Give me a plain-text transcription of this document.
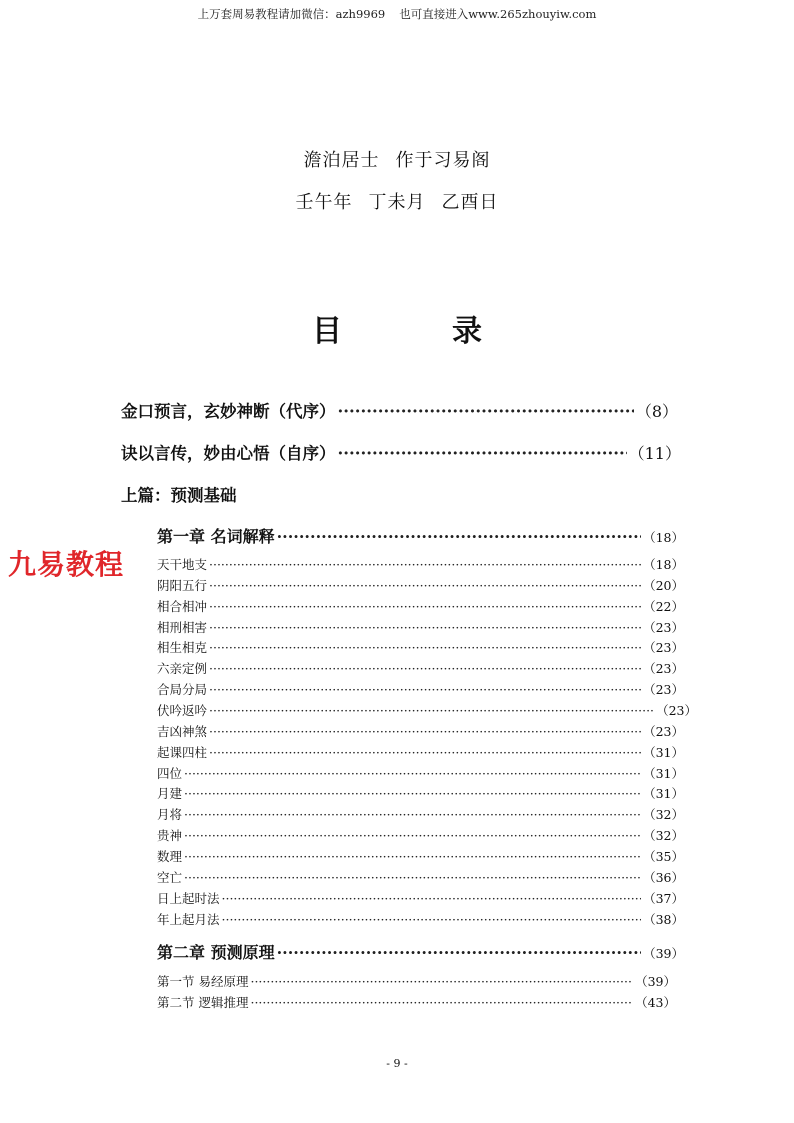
上万套周易教程请加微信：azh9969 也可直接进入www.265zhouyiw.com
澹泊居士 作于习易阁
壬午年 丁未月 乙酉日
目	录
九易教程
金口预言，玄妙神断（代序） ·····	（8）
诀以言传，妙由心悟（自序） ·····	（11）
上篇：预测基础
第一章 名词解释 ·····	（18）
天干地支 ·····	（18）
阴阳五行 ·····	（20）
相合相冲 ·····	（22）
相刑相害 ·····	（23）
相生相克 ·····	（23）
六亲定例 ·····	（23）
合局分局 ·····	（23）
伏吟返吟 ·····	（23）
吉凶神煞 ·····	（23）
起课四柱 ·····	（31）
四位 ·····	（31）
月建 ·····	（31）
月将 ·····	（32）
贵神 ·····	（32）
数理 ·····	（35）
空亡 ·····	（36）
日上起时法 ·····	（37）
年上起月法 ·····	（38）
第二章 预测原理 ·····	（39）
第一节 易经原理 ·····	（39）
第二节 逻辑推理 ·····	（43）
- 9 -
